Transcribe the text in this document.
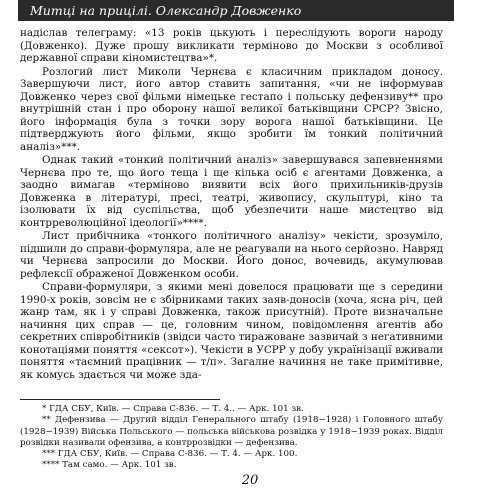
Митці на прицілі. Олександр Довженко

надіслав телеграму: «13 років цькують і переслідують вороги народу (Довженко). Дуже прошу викликати терміново до Москви з особливої державної справи кіномистецтва»*.

Розлогий лист Миколи Чернєва є класичним прикладом доносу. Завершуючи лист, його автор ставить запитання, «чи не інформував Довженко через свої фільми німецьке гестапо і польську дефензиву** про внутрішній стан і про оборону нашої великої батьківщини СРСР? Звісно, його інформація була з точки зору ворога нашої батьківщини. Це підтверджують його фільми, якщо зробити їм тонкий політичний аналіз»***.

Однак такий «тонкий політичний аналіз» завершувався запевненнями Чернєва про те, що його теща і ще кілька осіб є агентами Довженка, а заодно вимагав «терміново виявити всіх його прихильників-друзів Довженка в літературі, пресі, театрі, живопису, скульптурі, кіно та ізолювати їх від суспільства, щоб убезпечити наше мистецтво від контрреволюційної ідеології»****.

Лист прибічника «тонкого політичного аналізу» чекісти, зрозуміло, підшили до справи-формуляра, але не реагували на нього серйозно. Навряд чи Чернєва запросили до Москви. Його донос, вочевидь, акумулював рефлексії ображеної Довженком особи.

Справи-формуляри, з якими мені довелося працювати ще з середини 1990-х років, зовсім не є збірниками таких заяв-доносів (хоча, ясна річ, цей жанр там, як і у справі Довженка, також присутній). Проте визначальне начиння цих справ — це, головним чином, повідомлення агентів або секретних співробітників (звідси часто тиражоване зазвичай з негативними конотаціями поняття «сексот»). Чекісти в УСРР у добу українізації вживали поняття «таємний працівник — т/п». Загалне начиння не таке примітивне, як комусь здається чи може зда-

* ГДА СБУ, Київ. — Справа С-836. — Т. 4.. — Арк. 101 зв.

** Дефензива — Другий відділ Генерального штабу (1918−1928) і Головного штабу (1928−1939) Війська Польського — польська військова розвідка у 1918−1939 роках. Відділ розвідки називали офензива, а контррозвідки — дефензива.

*** ГДА СБУ, Київ. — Справа С-836. — Т. 4. — Арк. 100.

**** Там само. — Арк. 101 зв.

20
